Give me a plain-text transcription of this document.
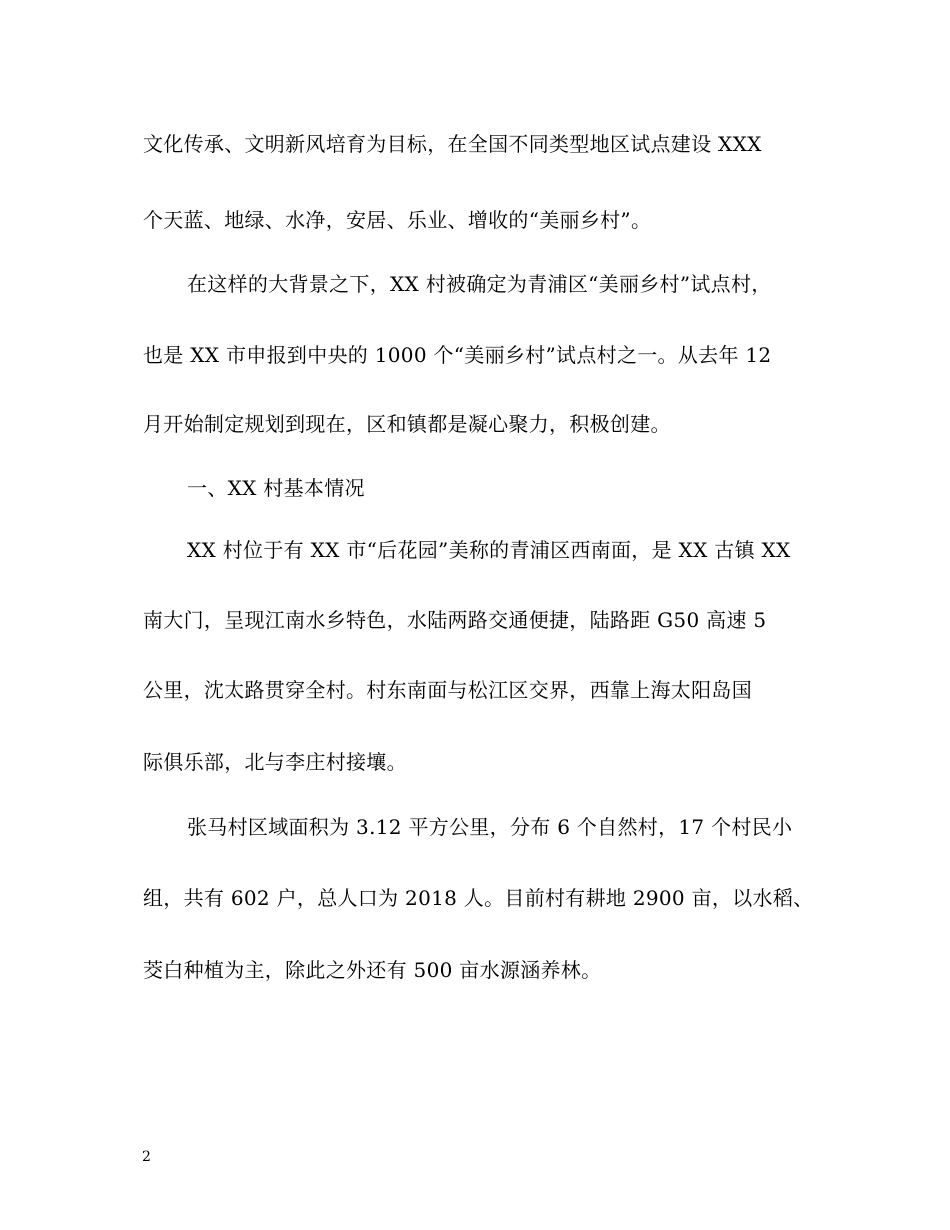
文化传承、文明新风培育为目标，在全国不同类型地区试点建设 XXX
个天蓝、地绿、水净，安居、乐业、增收的“美丽乡村”。
在这样的大背景之下，XX 村被确定为青浦区“美丽乡村”试点村，
也是 XX 市申报到中央的 1000 个“美丽乡村”试点村之一。从去年 12
月开始制定规划到现在，区和镇都是凝心聚力，积极创建。
一、XX 村基本情况
XX 村位于有 XX 市“后花园”美称的青浦区西南面，是 XX 古镇 XX
南大门，呈现江南水乡特色，水陆两路交通便捷，陆路距 G50 高速 5
公里，沈太路贯穿全村。村东南面与松江区交界，西靠上海太阳岛国
际俱乐部，北与李庄村接壤。
张马村区域面积为 3.12 平方公里，分布 6 个自然村，17 个村民小
组，共有 602 户，总人口为 2018 人。目前村有耕地 2900 亩，以水稻、
茭白种植为主，除此之外还有 500 亩水源涵养林。
2
